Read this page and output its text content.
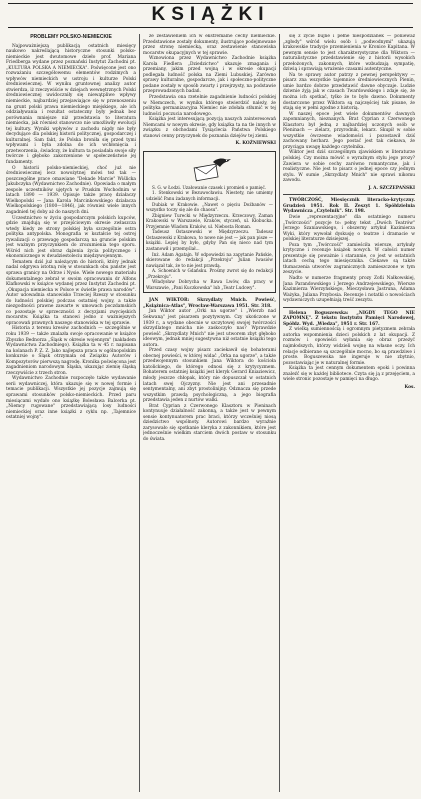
KSIĄŻKI

PROBLEMY POLSKO-NIEMIECKIE

Najpoważniejszą publikacją ostatnich miesięcy naukowo nakreślającą historyczne stosunki polsko-niemieckie jest dwutomowe dzieło prof. Mariana Friedberga wydane przez poznański Instytut Zachodni pt. „KULTURA POLSKA A NIEMIECKA". Poświęcone jest ono rozważaniu szczegółowemu elementów rodzimych a wpływów niemieckich w ustroju i kulturze Polski średniowiecznej. W wyniku gruntownej analizy autor stwierdza, iż rzeczywiście w dziejach wewnętrznych Polski średniowiecznej uwidoczniły się niewątpliwe wpływy niemieckie, najbardziej przejawiające się w przenoszeniu na grunt polski prawa niemieckiego miejskiego, ale ich oddziaływania i rezultat ostateczny były jednak bez porównania mniejsze niż przedstawia to literatura niemiecka, jak również stanowczo nie umożliwiły ewolucji tej kultury. Wyniki wpływów z zachodu nigdy nie były decydujące dla polskiej historii politycznej, gospodarczej i kulturalnej. Sam fakt, że Polska broniła się przed tymi wpływami i była zdolna do ich wchłonięcia i przetworzenia, świadczy, że kultura ta posiadała swoje siły twórcze i głęboko zakorzenione w społeczeństwie jej fundamenty.

O historii polsko-niemieckiej, choć już nie średniowiecznej lecz nowożytnej mówi też tak — poszczególne prace omawiane "Dekade Marcie" Wiślicka Jakubczyka (Wydawnictwo Zachodnie). Opowiada o małym zespole uczestników ujętych w Pruskim Wschodnim w latach 1890 — 1939. Opisuje także pracę działaczy Wielkopolski — Jana Karola Marcinkowskiego działacza Wielkopolskiego (1800—1846), jak również wiele innych zagadnień tej doby aż do naszych dni.

Uczestnictwo w życiu gospodarczym polskich kupców, gdzie znajdują się w przejściowym okresie zwłaszcza wtedy kiedy ze strony polskiej była szczególnie ostra polityka antypolska. Monografia w kształcie tej ostrej rywalizacji o przewagę gospodarczą na gruncie polskim jest ważnym przyczynkiem do zrozumienia tego sporu. Wśród nich jest obraz dążenia życia politycznego i ekonomicznego w dwudziestoleciu międzywojennym.

Tematem dziś już należącym do historii, który jednak nadal odgrywa istotną rolę w stosunkach obu państw jest sprawa granicy na Odrze i Nysie. Wiele nowego materiału dokumentalnego zebrał w swoim opracowaniu dr Alfons Klafkowski w książce wydanej przez Instytut Zachodni pt. „Okupacja niemiecka w Polsce w świetle prawa narodów". Autor udowadnia stanowisko Trzeciej Rzeszy w stosunku do ludności polskiej podczas ostatniej wojny, a także niezgodności prawne zawarte w umowach poczdamskich co pozostaje w sprzeczności z decyzjami zwycięskich mocarstw. Książka ta stanowi jedno z ważniejszych opracowań prawnych naszego stanowiska w tej sprawie.

Historia z terenu kresów zachodnich — szczególnie w roku 1939 — także znalazła swoje opracowanie w książce Zbyszko Bednorza „Śląsk w okresie wojennym" (nakładem Wydawnictwa Zachodniego). Książka ta w 45 r. napisana na kolanach P. Z. Z. Jako najlepsza praca w ogólnopolskim konkursie o Śląsk otrzymała od Związku Autorów i Kompozytorów pierwszą nagrodę. Kronika poświęcona jest zagadnieniom narodowym Śląska, ukazując ziemię śląską rzeczywiście z trzech stron.

Wydawnictwo Zachodnie rozpoczęło także wydawanie serii wydawniczej, która ukazuje się w nowej formie i temacie publikacji. Wszystkie jej pozycje zajmują się sprawami stosunków polsko-niemieckich. Przed paru miesiącami wydało ono książkę Bolesława Balcerka pt. „Niemcy rugowane" przedstawiającą losy ludności niemieckiej oraz inne książki z cyklu np. „Tajemnice ostatniej wojny".

ze zestawieniem ich w ekstremalne cechy niemieckie. Przedstawione zostały dokumenty, ilustrujące podejmowane przez stronę niemiecką, oraz zestawienie stanowiska mocarstw okupacyjnych w tej sprawie.

Wznowiona przez Wydawnictwo Zachodnie książka Karola Fiedlera „Dziedzictwo" ukazuje zmagania i przemiany, jakim przed wojną i w okresie okupacji podlegała ludność polska na Ziemi Lubuskiej. Zarówno sprawy kulturalne, gospodarcze, jak i społeczno-polityczne podane zostały w sposób zwarty i przejrzysty, na podstawie przeprowadzonych badań.

Przedstawia ona rzetelnie zagadnienie ludności polskiej w Niemczech, w wyniku którego stwierdzić należy, że polityka germanizacyjna Niemiec nie zdołała stłumić w tej ludności poczucia narodowego.

Książka jest interesującą pozycją naszych zainteresowań Niemcami w nowym okresie, gdy książka ta na tle innych w związku z obchodami Tysiąclecia Państwa Polskiego stanowi cenny przyczynek do poznania dziejów tej ziemi.

K. KOŹNIEWSKI

S. G. w Łodzi. Uzałowanie czasek i promień o pamięć.

1. Stenkowski w Bezuwocławiu. Niestety, nie umiemy udzielić Panu żadanych informacji.

Dubiak w Krakowie. „Nawet o pięciu Dożbanów — wszystko toczy się ale do chaosu".

Zbigniew Turecki w Międzyrzeczu. Krzeczowy, Zaman Krakowski w Warszawie, Kraków, styczeń, ul. Kłobucka. Przyjemnie Wiadom Kraków, ul. Niebosta Roman.

Tadeusz Ostaszewski w Międzyrzeczu. Tadeusz Ostaszewski z Krakowa, to nowe nie jest — jak pan pisze — książki. Lepiej by było, gdyby Pan się nieco nad tym zastanowił i przemyślał...

Inż. Adam Agatajn. W odpowiedzi na zapytanie Pańskie, skierowane do redakcji „Przekroju" Julian Iwasiów nawiązał tak, że to nie jest prawdą.

A. Schoenich w Gdańsku. Prośmy zwrot się do redakcji „Przekroju".

Władysław Dobrycha w Rawa Lwów, dla pracy w Warszawie, „Pani Kuczkowska" lub „Teatr Ludowy".

JAN WIKTOR: Skrzydlaty Mnich. Powieść, „Książnica-Atlas", Wrocław-Warszawa 1951. Str. 318.

Jan Wiktor autor „Orki na ugorze" i „Wierzb nad Sekwaną" jest pisarzem pozytywnym. Czy ukończone w 1939 r., a wydane obecnie w szczytowej swojej twórczości skrzydlatego mnicha nie zaskoczyło nas? Wprawdzie powieść „Skrzydlaty Mnich" nie jest utworem zbyt głęboko ideowym, jednak mniej sugestywna niż ostatnie książki tego autora.

Przed czasy wojny pisarz zaciekawił się bohaterami obecnej powieści, w której widać „Orka na ugorze", a także przedwojennym stosunkiem Jana Wiktora do kościoła katolickiego, do którego odnosi się z krytycyzmem. Bohaterem ostatniej książki jest kleryk Gerard Kniaziewicz, młody jeszcze chłopak, który nie dopuszczał w ostatnich latach swej Ojczyzny. Nie jest ani przesadnie sentymentalny, ani zbyt prostolinijny. Odznacza się przede wszystkim prawdą psychologiczną, a jego biografia przedstawia jeden z nurtów walki.

Brat Cyprian z Czerwonego Klasztoru w Pieninach kontynuuje działalność zakonną, a także jest w pewnym sensie kontynuatorem prac braci, którzy wcześniej niosą dziedzictwo wspólnoty. Autorowi bardzo wyraźnie zarysowało się spotkanie kleryka z zakonnikiem, które jest jednocześnie wielkim starciem dwóch postaw w stosunku do świata.

się z życie bujne i pełne niespodzianek — ponieważ „zgłody" wśród wielu osób i „podwodnymi" ukazują krakowskie tradycje przemienienia w Kronice Kapitana. W pewnym sensie to jest charakterystyczne dla Wiktora — naturalistyczne przedstawienie się z historii wysokich przełożonych, zakonnych, które wzbudzają sympatię, dziwią i sprawiają wrażenie czasami autentyczne.

Na te sprawy autor patrzy z pewnej perspektywy — pisarz zna wszystkie tajemnice średniowiecznych Pienin, umie bardzo dobrze przedstawić dawne obyczaje. Ludzie dziwnie żyją jak w czasach Twardowskiego i zdaje się, że można ich spotkać, tylko że to było dawno. Dokumenty dostarczone przez Wiktora są najczęściej tak pisane, że stają się w pełni zgodne z historią.

W naszej epoce jest wiele dokumentów dawnych zapomnianych, nieznanych. Brat Cyprian z Czerwonego Klasztoru był jedną z najbardziej uczonych osób w Pieninach — zielarz, przyrodnik, lekarz. Skupił w sobie wszystkie ówczesne wiadomości i pozostawił dziś zachowany herbarz. Jego postać jest tak ciekawa, że przyciąga uwagę każdego czytelnika.

Wiktor jest dziś szczególnym zjawiskiem w literaturze polskiej. Czy można mówić o wyraźnym stylu jego prozy? Zawiera w sobie cechy zarówno romantyczne, jak i realistyczne. Nie jest to pisarz o jednej epoce czy jednym stylu. W sumie „Skrzydlaty Mnich" nie sprawi nikomu zawodu.

J. A. SZCZEPAŃSKI

TWÓRCZOŚĆ, Miesięcznik literacko-krytyczny. Grudzień 1951. Rok II. Zeszyt 1. Spółdzielnia Wydawnicza „Czytelnik". Str. 198.

Dwie „reprezentacyjne" dla ostatniego numeru „Twórczości" pozycje to: pełny tekst „Dwóch Teatrów" Jerzego Szaniawskiego, i obszerny artykuł Kazimierza Wyki, który wywołał dyskusję o teatrze i dramacie w polskiej literaturze dzisiejszej.

Poza tym „Twórczość" zamieściła wiersze, artykuły krytyczne i recenzje książek nowych. W całości numer prezentuje się poważnie i starannie, co jest w ostatnich latach cechą tego miesięcznika. Ciekawe są także tłumaczenia utworów zagranicznych zamieszczone w tym zeszycie.

Nadto w numerze fragmenty prozy Zofii Nałkowskiej, Jana Parandowskiego i Jerzego Andrzejewskiego, Wiersze Kazimierza Wierzyńskiego, Mieczysława Jastruna, Adama Ważyka, Juliana Przybosia. Recenzje i notatki o nowościach wydawniczych uzupełniają treść zeszytu.

Helena Boguszewska: „NIGDY TEGO NIE ZAPOMNĘ". Z tekstu Instytutu Pamięci Narodowej, Spółdz. Wyd. „Wiedza", 1951 r. Str. 167.

Z wielką sumiennością i ogromnym pietyzmem zebrała autorka wspomnienia dzieci polskich z lat okupacji. Z rozmów i opowieści wyłania się obraz przeżyć najmłodszych, którzy widzieli wojnę na własne oczy. Ich relacje odbierane są szczególnie mocno, bo są prawdziwe i proste. Boguszewska nie ingeruje w nie zbytnio, pozostawiając je w naturalnej formie.

Książka ta jest cennym dokumentem epoki i powinna znaleźć się w każdej bibliotece. Czyta się ją z przejęciem, a wiele stronic pozostaje w pamięci na długo.

Kos.
